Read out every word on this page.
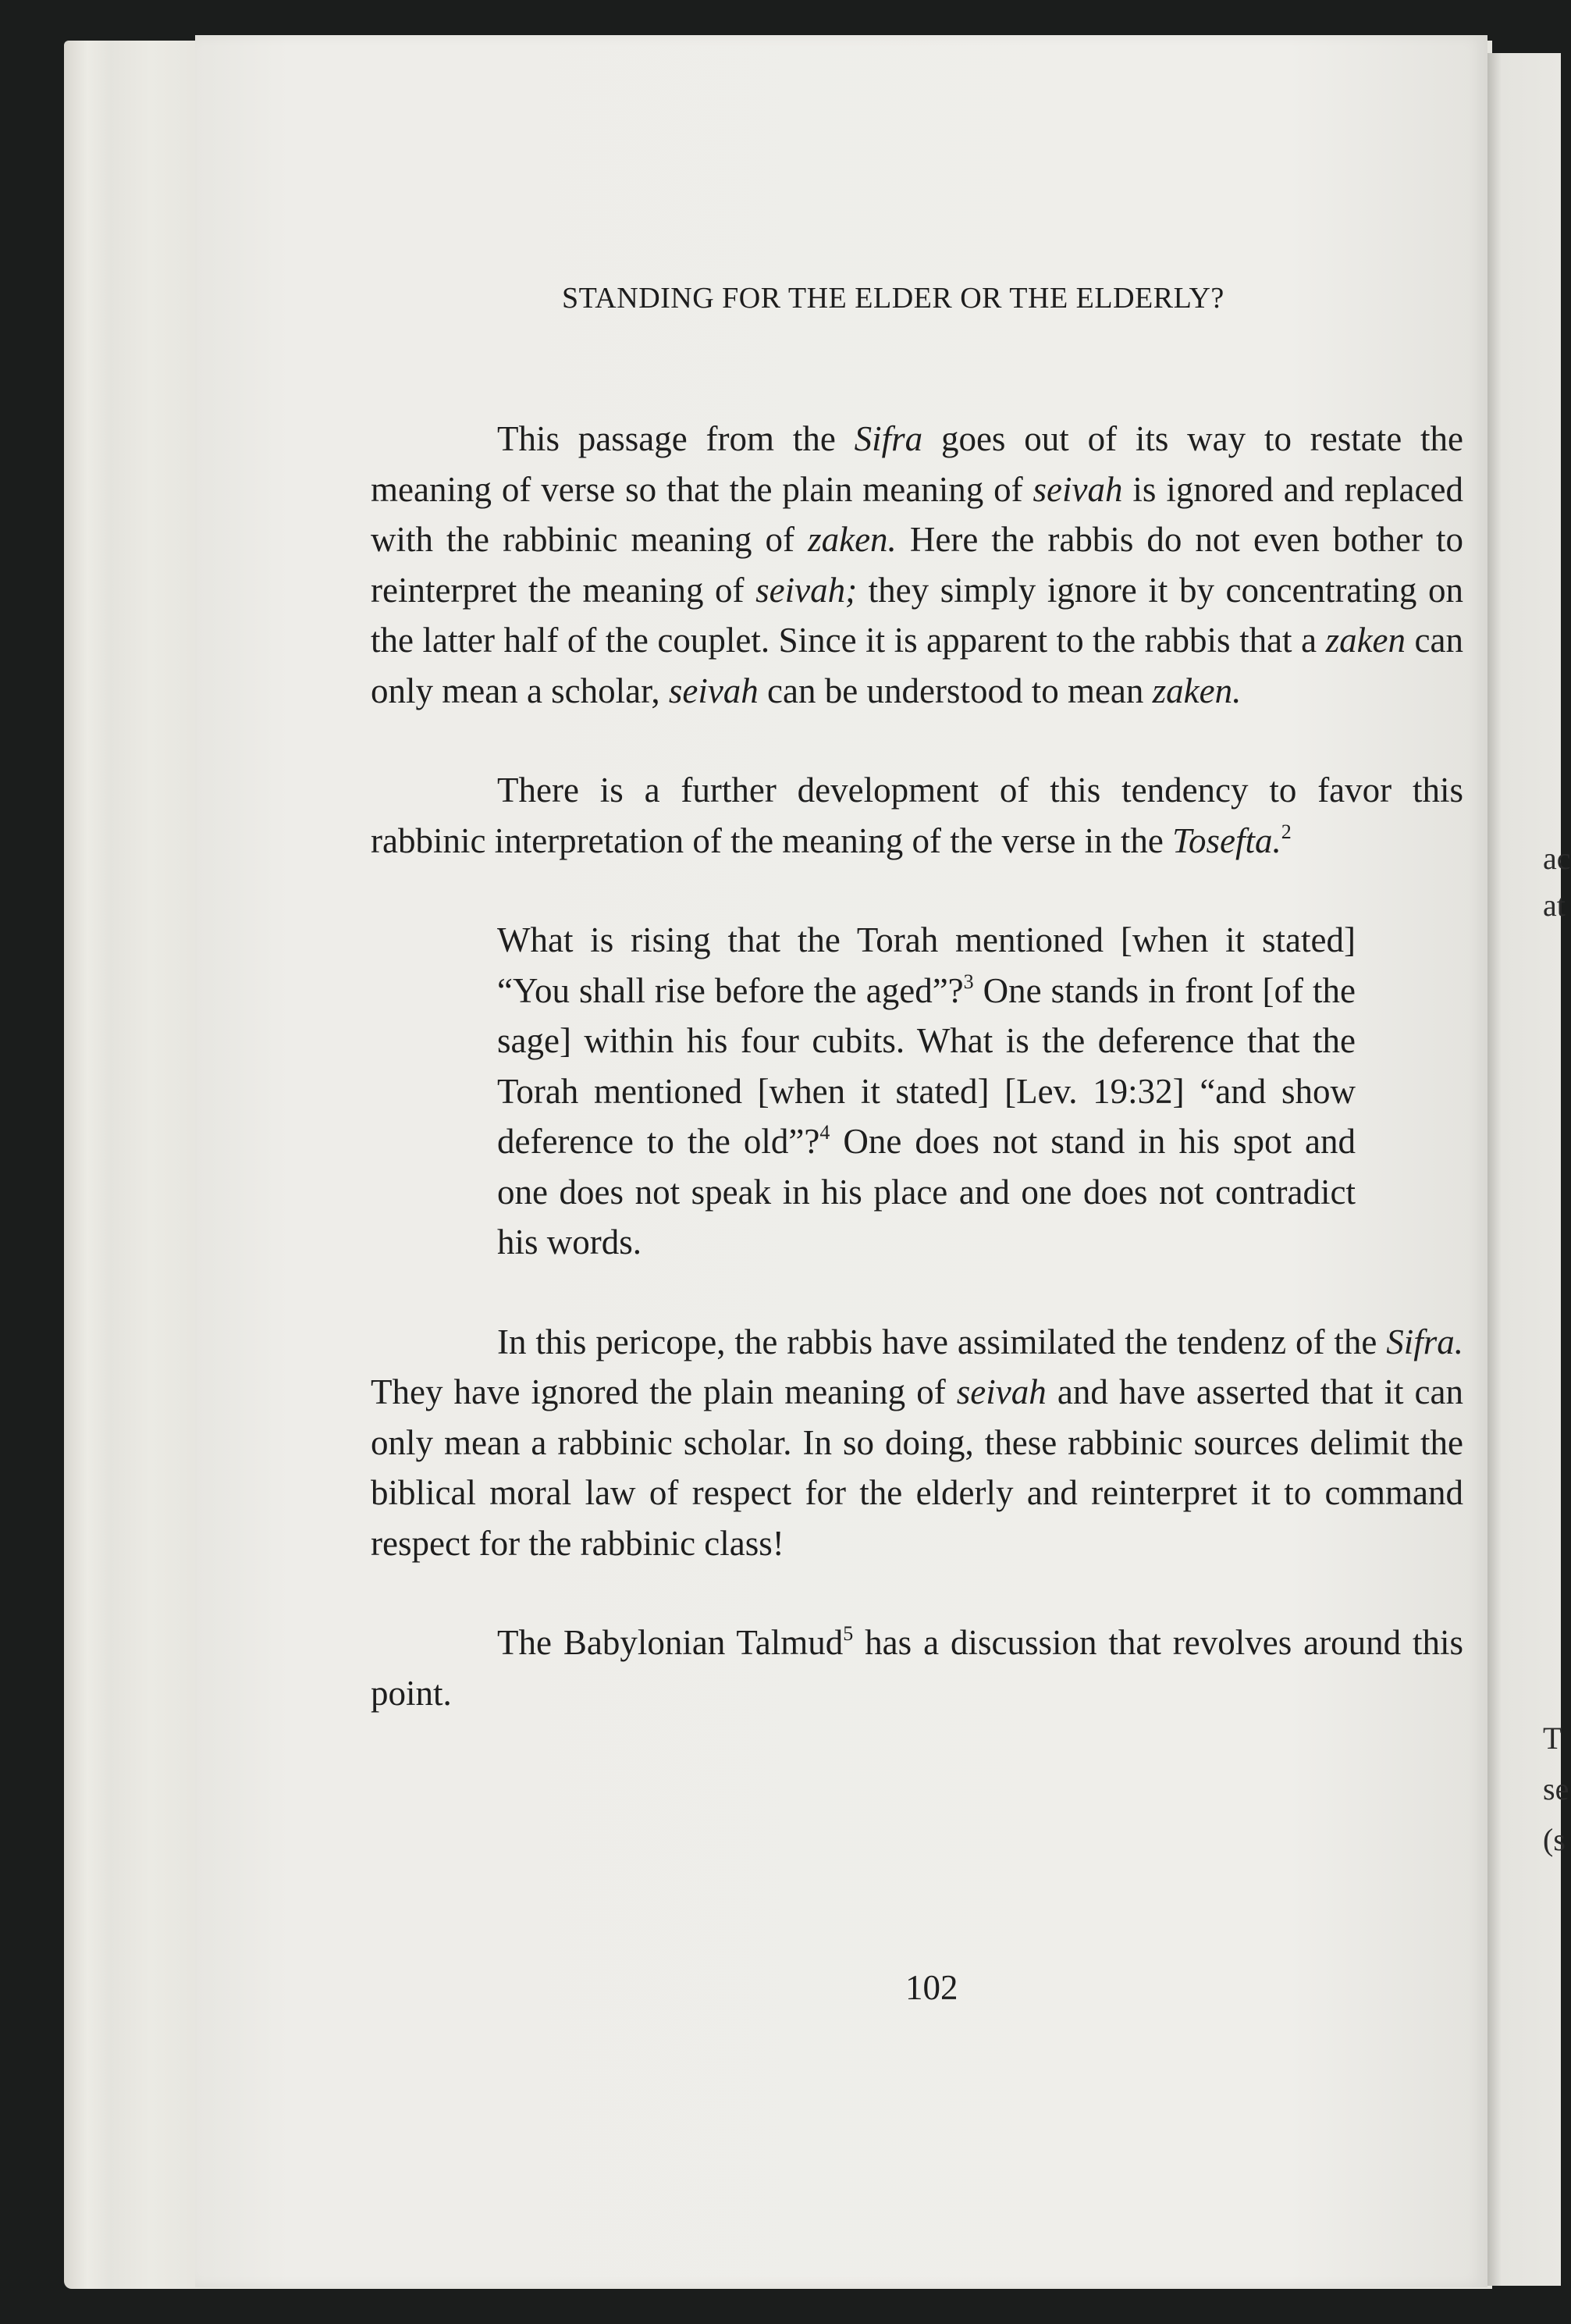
ac
at
T
se
(s
STANDING FOR THE ELDER OR THE ELDERLY?

This passage from the Sifra goes out of its way to restate the meaning of verse so that the plain meaning of seivah is ignored and replaced with the rabbinic meaning of zaken. Here the rabbis do not even bother to reinterpret the meaning of seivah; they simply ignore it by concentrating on the latter half of the couplet. Since it is apparent to the rabbis that a zaken can only mean a scholar, seivah can be understood to mean zaken.

There is a further development of this tendency to favor this rabbinic interpretation of the meaning of the verse in the Tosefta.$^2$

What is rising that the Torah mentioned [when it stated] “You shall rise before the aged”?$^3$ One stands in front [of the sage] within his four cubits. What is the deference that the Torah mentioned [when it stated] [Lev. 19:32] “and show deference to the old”?$^4$ One does not stand in his spot and one does not speak in his place and one does not contradict his words.

In this pericope, the rabbis have assimilated the tendenz of the Sifra. They have ignored the plain meaning of seivah and have asserted that it can only mean a rabbinic scholar. In so doing, these rabbinic sources delimit the biblical moral law of respect for the elderly and reinterpret it to command respect for the rabbinic class!

The Babylonian Talmud$^5$ has a discussion that revolves around this point.

102
